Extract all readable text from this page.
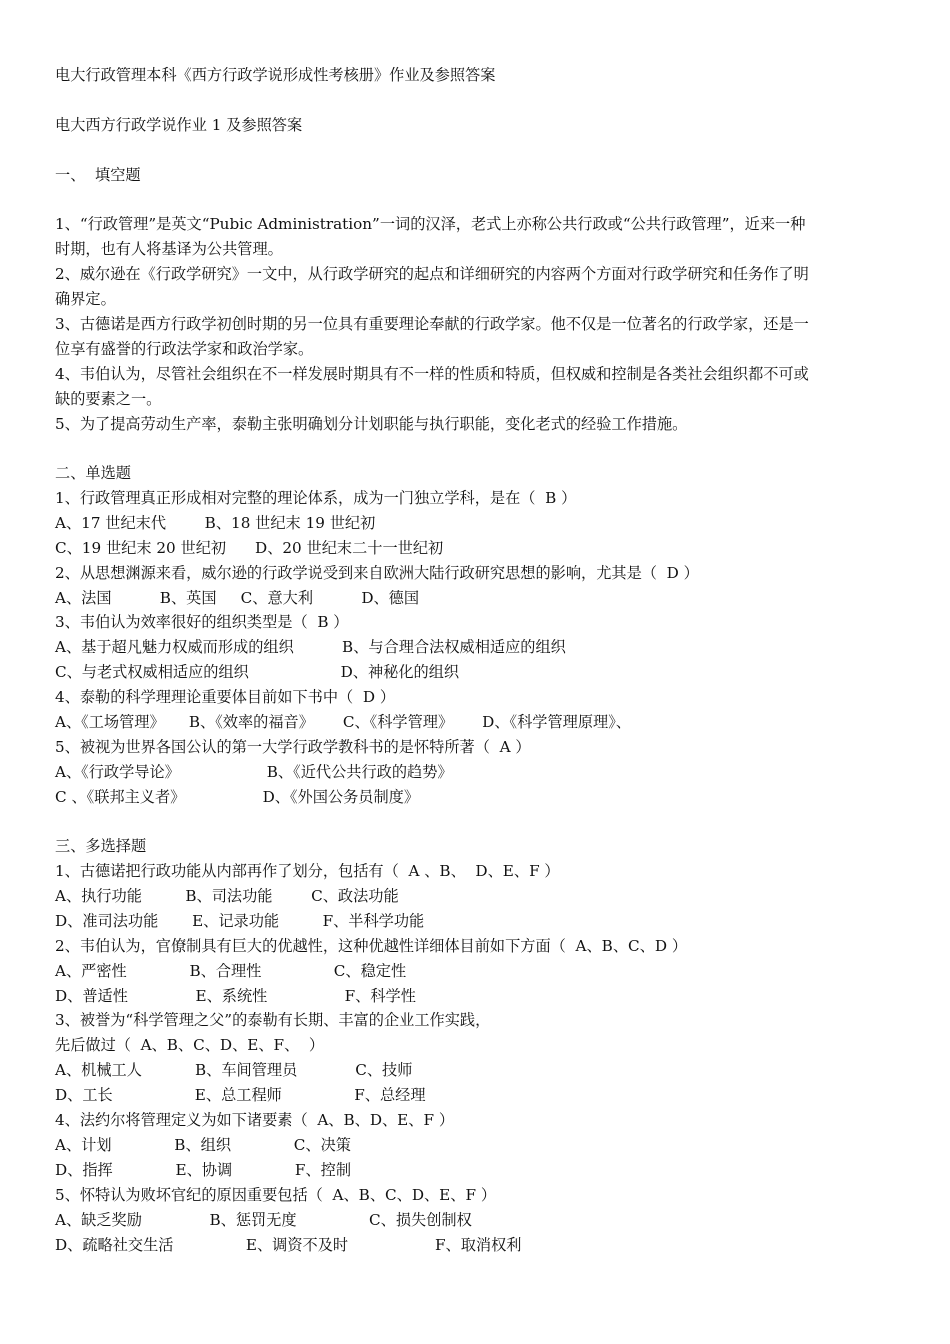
电大行政管理本科《西方行政学说形成性考核册》作业及参照答案

电大西方行政学说作业 1 及参照答案

一、  填空题

1、“行政管理”是英文“Pubic Administration”一词的汉泽，老式上亦称公共行政或“公共行政管理”，近来一种

时期，也有人将基译为公共管理。

2、威尔逊在《行政学研究》一文中，从行政学研究的起点和详细研究的内容两个方面对行政学研究和任务作了明

确界定。

3、古德诺是西方行政学初创时期的另一位具有重要理论奉献的行政学家。他不仅是一位著名的行政学家，还是一

位享有盛誉的行政法学家和政治学家。

4、韦伯认为，尽管社会组织在不一样发展时期具有不一样的性质和特质，但权威和控制是各类社会组织都不可或

缺的要素之一。

5、为了提高劳动生产率，泰勒主张明确划分计划职能与执行职能，变化老式的经验工作措施。

二、单选题

1、行政管理真正形成相对完整的理论体系，成为一门独立学科，是在（  B ）

A、17 世纪末代        B、18 世纪末 19 世纪初

C、19 世纪末 20 世纪初      D、20 世纪末二十一世纪初

2、从思想渊源来看，威尔逊的行政学说受到来自欧洲大陆行政研究思想的影响，尤其是（  D ）

A、法国          B、英国     C、意大利          D、德国

3、韦伯认为效率很好的组织类型是（  B ）

A、基于超凡魅力权威而形成的组织          B、与合理合法权威相适应的组织

C、与老式权威相适应的组织                   D、神秘化的组织

4、泰勒的科学理理论重要体目前如下书中（  D ）

A、《工场管理》     B、《效率的福音》      C、《科学管理》      D、《科学管理原理》、

5、被视为世界各国公认的第一大学行政学教科书的是怀特所著（  A ）

A、《行政学导论》                  B、《近代公共行政的趋势》

C 、《联邦主义者》                D、《外国公务员制度》

三、多选择题

1、古德诺把行政功能从内部再作了划分，包括有（  A 、B、  D、E、F ）

A、执行功能         B、司法功能        C、政法功能

D、准司法功能       E、记录功能         F、半科学功能

2、韦伯认为，官僚制具有巨大的优越性，这种优越性详细体目前如下方面（  A、B、C、D ）

A、严密性             B、合理性               C、稳定性

D、普适性              E、系统性                F、科学性

3、被誉为“科学管理之父”的泰勒有长期、丰富的企业工作实践，

先后做过（  A、B、C、D、E、F、  ）

A、机械工人           B、车间管理员            C、技师

D、工长                 E、总工程师               F、总经理

4、法约尔将管理定义为如下诸要素（  A、B、D、E、F ）

A、计划             B、组织             C、决策

D、指挥             E、协调             F、控制

5、怀特认为败坏官纪的原因重要包括（  A、B、C、D、E、F ）

A、缺乏奖励              B、惩罚无度               C、损失创制权

D、疏略社交生活               E、调资不及时                  F、取消权利
